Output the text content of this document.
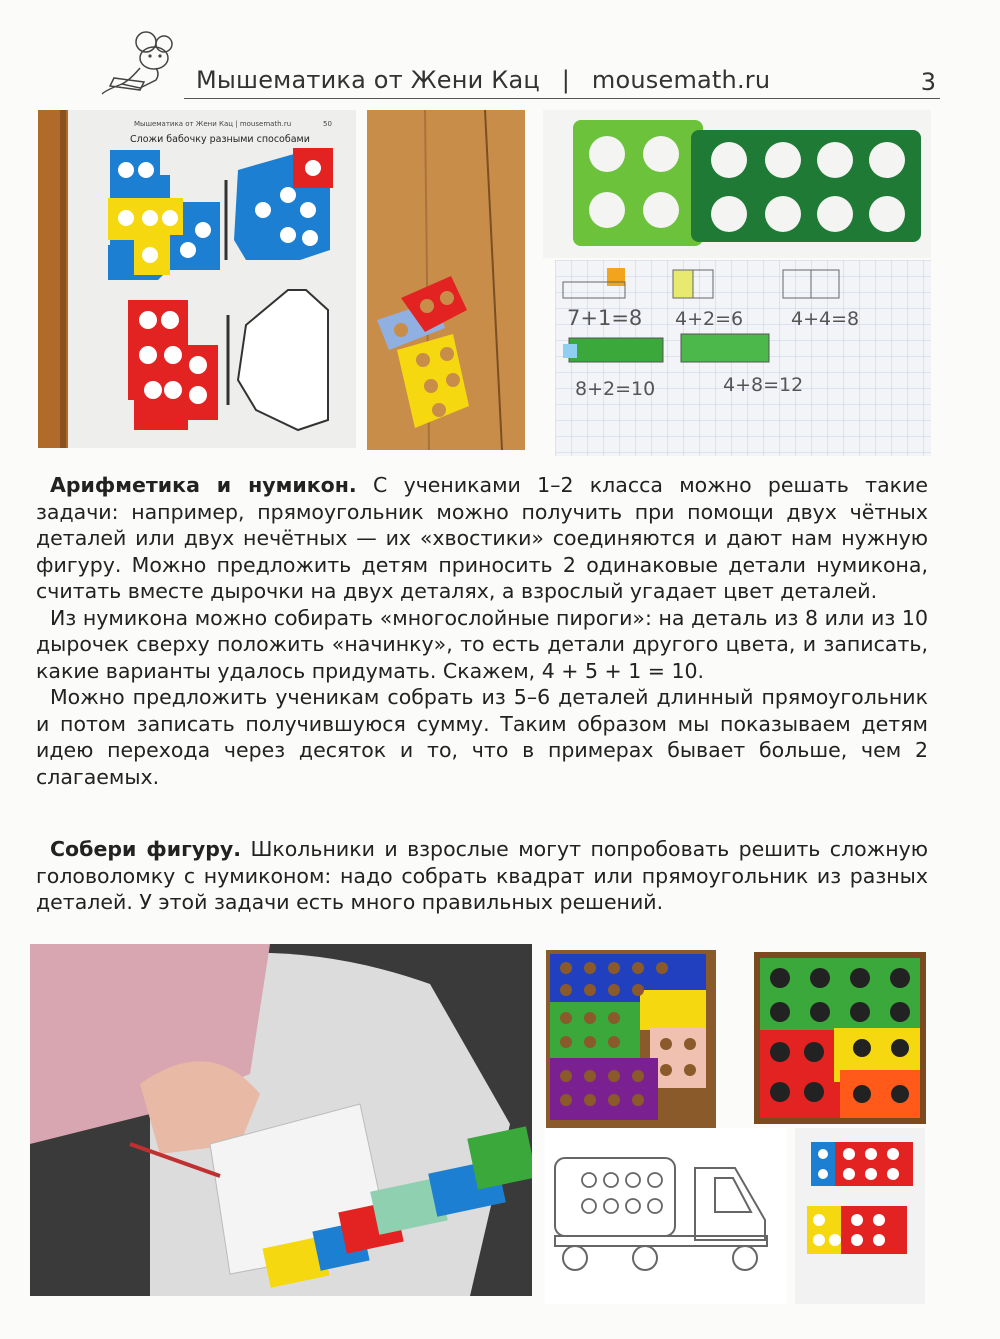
Мышематика от Жени Кац | mousemath.ru	3
Мышематика от Жени Кац | mousemath.ru	50
Сложи бабочку разными способами
7+1=8 4+2=6	4+4=8
8+2=10	4+8=12

Арифметика и нумикон. С учениками 1–2 класса можно решать такие задачи: например, прямоугольник можно получить при помощи двух чётных деталей или двух нечётных — их «хвостики» соединяются и дают нам нужную фигуру. Можно предложить детям приносить 2 одинаковые детали нумикона, считать вместе дырочки на двух деталях, а взрослый угадает цвет деталей.

Из нумикона можно собирать «многослойные пироги»: на деталь из 8 или из 10 дырочек сверху положить «начинку», то есть детали другого цвета, и записать, какие варианты удалось придумать. Скажем, 4 + 5 + 1 = 10.

Можно предложить ученикам собрать из 5–6 деталей длинный прямоугольник и потом записать получившуюся сумму. Таким образом мы показываем детям идею перехода через десяток и то, что в примерах бывает больше, чем 2 слагаемых.

Собери фигуру. Школьники и взрослые могут попробовать решить сложную головоломку с нумиконом: надо собрать квадрат или прямоугольник из разных деталей. У этой задачи есть много правильных решений.
